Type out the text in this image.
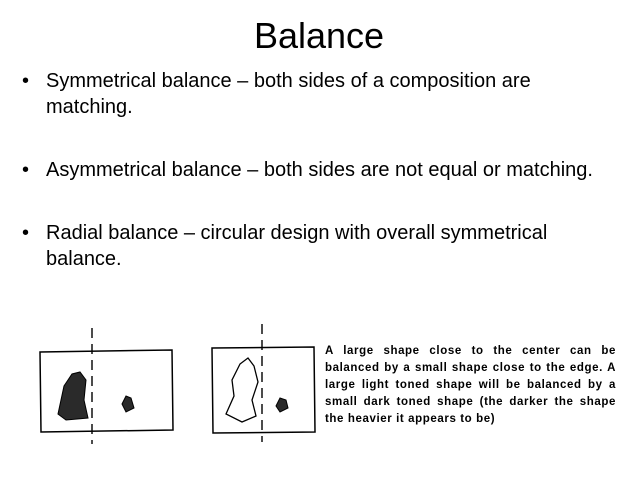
Balance
• Symmetrical balance – both sides of a composition are matching.
• Asymmetrical balance – both sides are not equal or matching.
• Radial balance – circular design with overall symmetrical balance.
A large shape close to the center can be balanced by a small shape close to the edge. A large light toned shape will be balanced by a small dark toned shape (the darker the shape the heavier it appears to be)
